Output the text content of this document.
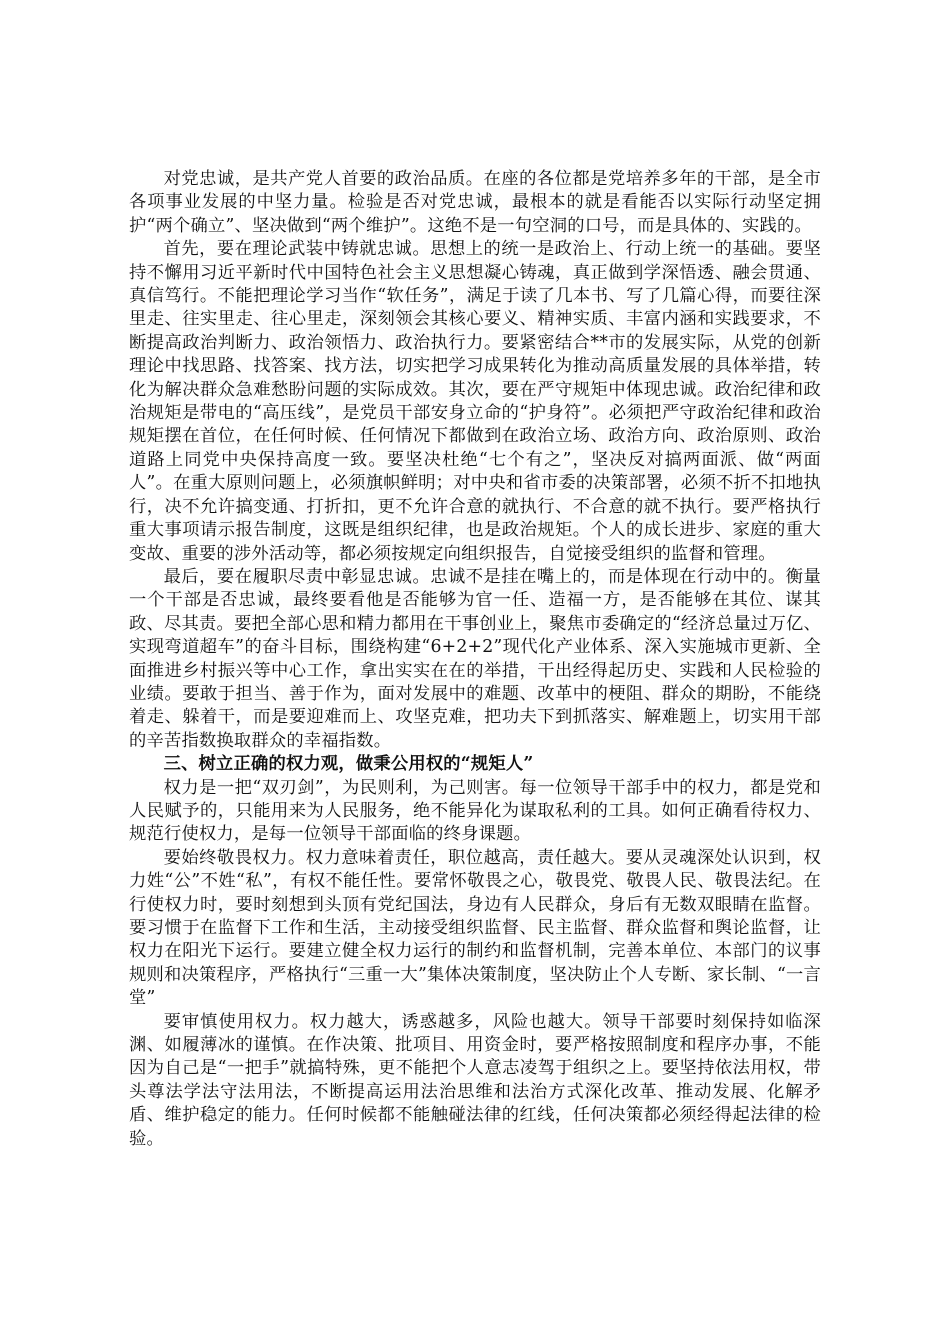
对党忠诚，是共产党人首要的政治品质。在座的各位都是党培养多年的干部，是全市各项事业发展的中坚力量。检验是否对党忠诚，最根本的就是看能否以实际行动坚定拥护“两个确立”、坚决做到“两个维护”。这绝不是一句空洞的口号，而是具体的、实践的。

首先，要在理论武装中铸就忠诚。思想上的统一是政治上、行动上统一的基础。要坚持不懈用习近平新时代中国特色社会主义思想凝心铸魂，真正做到学深悟透、融会贯通、真信笃行。不能把理论学习当作“软任务”，满足于读了几本书、写了几篇心得，而要往深里走、往实里走、往心里走，深刻领会其核心要义、精神实质、丰富内涵和实践要求，不断提高政治判断力、政治领悟力、政治执行力。要紧密结合**市的发展实际，从党的创新理论中找思路、找答案、找方法，切实把学习成果转化为推动高质量发展的具体举措，转化为解决群众急难愁盼问题的实际成效。其次，要在严守规矩中体现忠诚。政治纪律和政治规矩是带电的“高压线”，是党员干部安身立命的“护身符”。必须把严守政治纪律和政治规矩摆在首位，在任何时候、任何情况下都做到在政治立场、政治方向、政治原则、政治道路上同党中央保持高度一致。要坚决杜绝“七个有之”，坚决反对搞两面派、做“两面人”。在重大原则问题上，必须旗帜鲜明；对中央和省市委的决策部署，必须不折不扣地执行，决不允许搞变通、打折扣，更不允许合意的就执行、不合意的就不执行。要严格执行重大事项请示报告制度，这既是组织纪律，也是政治规矩。个人的成长进步、家庭的重大变故、重要的涉外活动等，都必须按规定向组织报告，自觉接受组织的监督和管理。

最后，要在履职尽责中彰显忠诚。忠诚不是挂在嘴上的，而是体现在行动中的。衡量一个干部是否忠诚，最终要看他是否能够为官一任、造福一方，是否能够在其位、谋其政、尽其责。要把全部心思和精力都用在干事创业上，聚焦市委确定的“经济总量过万亿、实现弯道超车”的奋斗目标，围绕构建“6+2+2”现代化产业体系、深入实施城市更新、全面推进乡村振兴等中心工作，拿出实实在在的举措，干出经得起历史、实践和人民检验的业绩。要敢于担当、善于作为，面对发展中的难题、改革中的梗阻、群众的期盼，不能绕着走、躲着干，而是要迎难而上、攻坚克难，把功夫下到抓落实、解难题上，切实用干部的辛苦指数换取群众的幸福指数。

三、树立正确的权力观，做秉公用权的“规矩人”

权力是一把“双刃剑”，为民则利，为己则害。每一位领导干部手中的权力，都是党和人民赋予的，只能用来为人民服务，绝不能异化为谋取私利的工具。如何正确看待权力、规范行使权力，是每一位领导干部面临的终身课题。

要始终敬畏权力。权力意味着责任，职位越高，责任越大。要从灵魂深处认识到，权力姓“公”不姓“私”，有权不能任性。要常怀敬畏之心，敬畏党、敬畏人民、敬畏法纪。在行使权力时，要时刻想到头顶有党纪国法，身边有人民群众，身后有无数双眼睛在监督。要习惯于在监督下工作和生活，主动接受组织监督、民主监督、群众监督和舆论监督，让权力在阳光下运行。要建立健全权力运行的制约和监督机制，完善本单位、本部门的议事规则和决策程序，严格执行“三重一大”集体决策制度，坚决防止个人专断、家长制、“一言堂”

要审慎使用权力。权力越大，诱惑越多，风险也越大。领导干部要时刻保持如临深渊、如履薄冰的谨慎。在作决策、批项目、用资金时，要严格按照制度和程序办事，不能因为自己是“一把手”就搞特殊，更不能把个人意志凌驾于组织之上。要坚持依法用权，带头尊法学法守法用法，不断提高运用法治思维和法治方式深化改革、推动发展、化解矛盾、维护稳定的能力。任何时候都不能触碰法律的红线，任何决策都必须经得起法律的检验。
